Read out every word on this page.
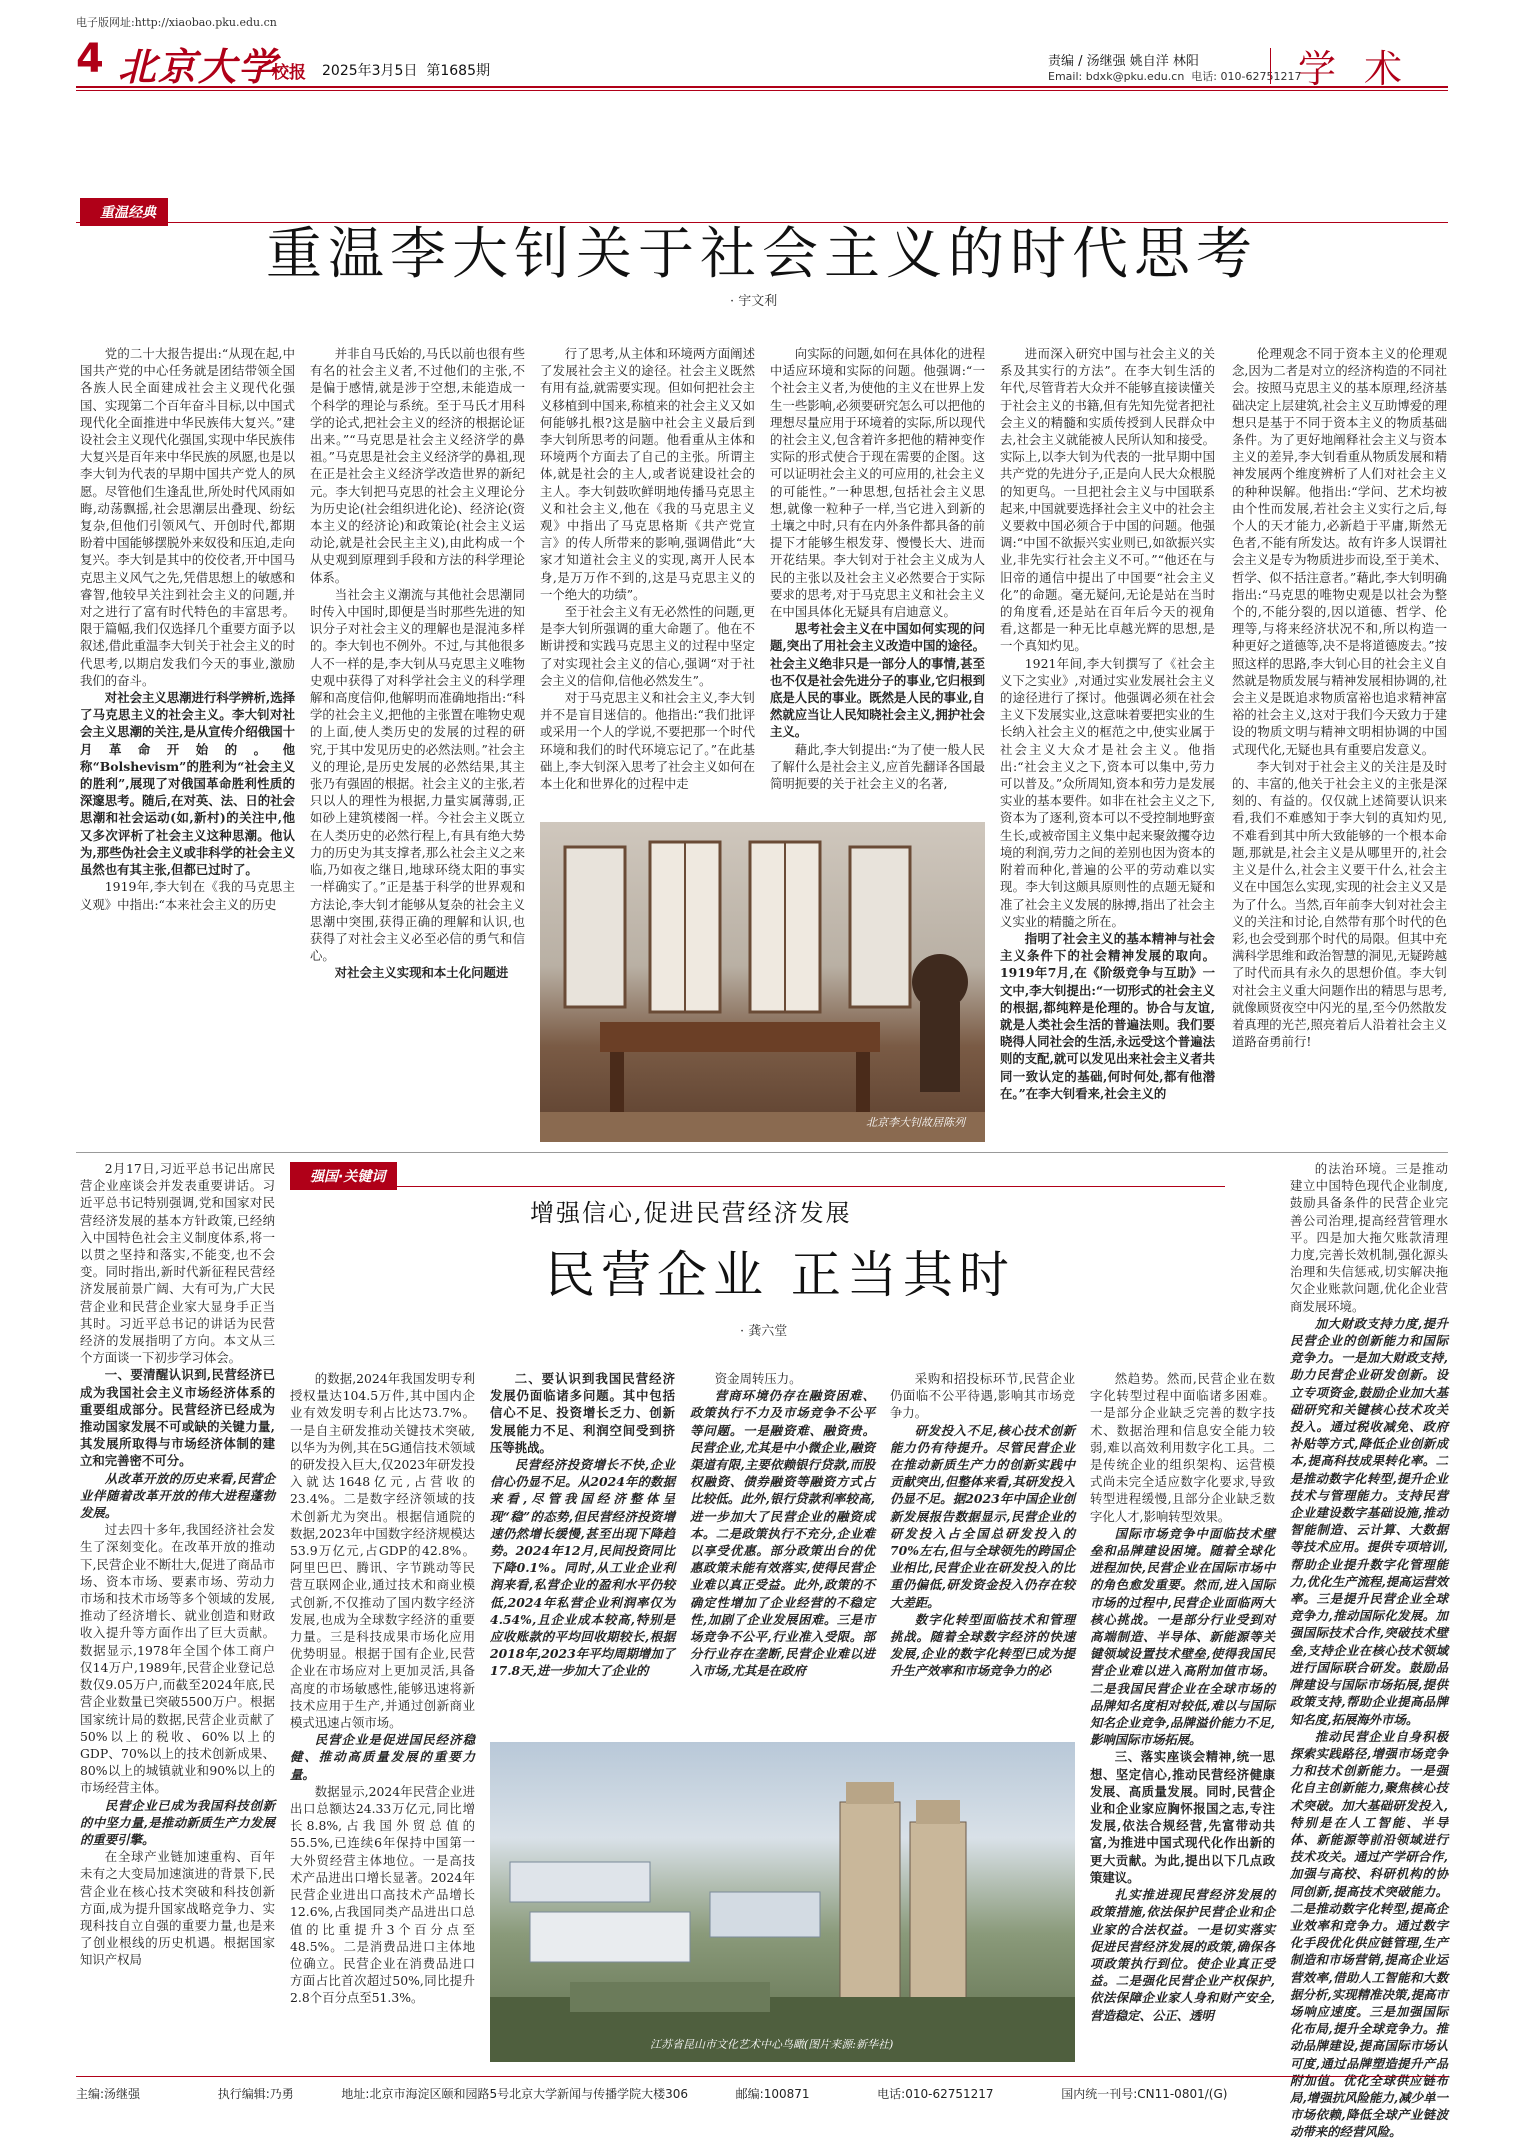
电子版网址:http://xiaobao.pku.edu.cn
4 北京大学
校报 2025年3月5日 第1685期
责编 / 汤继强 姚自洋 林阳
Email: bdxk@pku.edu.cn 电话: 010-62751217
学术
重温经典
重温李大钊关于社会主义的时代思考
· 宇文利

党的二十大报告提出:“从现在起,中国共产党的中心任务就是团结带领全国各族人民全面建成社会主义现代化强国、实现第二个百年奋斗目标,以中国式现代化全面推进中华民族伟大复兴。”建设社会主义现代化强国,实现中华民族伟大复兴是百年来中华民族的夙愿,也是以李大钊为代表的早期中国共产党人的夙愿。尽管他们生逢乱世,所处时代风雨如晦,动荡飘摇,社会思潮层出叠现、纷纭复杂,但他们引领风气、开创时代,都期盼着中国能够摆脱外来奴役和压迫,走向复兴。李大钊是其中的佼佼者,开中国马克思主义风气之先,凭借思想上的敏感和睿智,他较早关注到社会主义的问题,并对之进行了富有时代特色的丰富思考。限于篇幅,我们仅选择几个重要方面予以叙述,借此重温李大钊关于社会主义的时代思考,以期启发我们今天的事业,激励我们的奋斗。

对社会主义思潮进行科学辨析,选择了马克思主义的社会主义。李大钊对社会主义思潮的关注,是从宣传介绍俄国十月革命开始的。他称“Bolshevism”的胜利为“社会主义的胜利”,展现了对俄国革命胜利性质的深邃思考。随后,在对英、法、日的社会思潮和社会运动(如,新村)的关注中,他又多次评析了社会主义这种思潮。他认为,那些伪社会主义或非科学的社会主义虽然也有其主张,但都已过时了。

1919年,李大钊在《我的马克思主义观》中指出:“本来社会主义的历史

并非自马氏始的,马氏以前也很有些有名的社会主义者,不过他们的主张,不是偏于感情,就是涉于空想,未能造成一个科学的理论与系统。至于马氏才用科学的论式,把社会主义的经济的根据论证出来。”“马克思是社会主义经济学的鼻祖。”马克思是社会主义经济学的鼻祖,现在正是社会主义经济学改造世界的新纪元。李大钊把马克思的社会主义理论分为历史论(社会组织进化论)、经济论(资本主义的经济论)和政策论(社会主义运动论,就是社会民主主义),由此构成一个从史观到原理到手段和方法的科学理论体系。

当社会主义潮流与其他社会思潮同时传入中国时,即便是当时那些先进的知识分子对社会主义的理解也是混沌多样的。李大钊也不例外。不过,与其他很多人不一样的是,李大钊从马克思主义唯物史观中获得了对科学社会主义的科学理解和高度信仰,他解明而准确地指出:“科学的社会主义,把他的主张置在唯物史观的上面,使人类历史的发展的过程的研究,于其中发见历史的必然法则。”社会主义的理论,是历史发展的必然结果,其主张乃有强固的根据。社会主义的主张,若只以人的理性为根据,力量实属薄弱,正如砂上建筑楼阁一样。今社会主义既立在人类历史的必然行程上,有具有绝大势力的历史为其支撑者,那么社会主义之来临,乃如夜之继日,地球环绕太阳的事实一样确实了。”正是基于科学的世界观和方法论,李大钊才能够从复杂的社会主义思潮中突围,获得正确的理解和认识,也获得了对社会主义必至必信的勇气和信心。

对社会主义实现和本土化问题进

行了思考,从主体和环境两方面阐述了发展社会主义的途径。社会主义既然有用有益,就需要实现。但如何把社会主义移植到中国来,称植来的社会主义又如何能够扎根?这是脑中社会主义最后到李大钊所思考的问题。他看重从主体和环境两个方面去了自己的主张。所谓主体,就是社会的主人,或者说建设社会的主人。李大钊鼓吹鲜明地传播马克思主义和社会主义,他在《我的马克思主义观》中指出了马克思格斯《共产党宣言》的传人所带来的影响,强调借此“大家才知道社会主义的实现,离开人民本身,是万万作不到的,这是马克思主义的一个绝大的功绩”。

至于社会主义有无必然性的问题,更是李大钊所强调的重大命题了。他在不断讲授和实践马克思主义的过程中坚定了对实现社会主义的信心,强调“对于社会主义的信仰,信他必然发生”。

对于马克思主义和社会主义,李大钊并不是盲目迷信的。他指出:“我们批评或采用一个人的学说,不要把那一个时代环境和我们的时代环境忘记了。”在此基础上,李大钊深入思考了社会主义如何在本土化和世界化的过程中走

向实际的问题,如何在具体化的进程中适应环境和实际的问题。他强调:“一个社会主义者,为使他的主义在世界上发生一些影响,必须要研究怎么可以把他的理想尽量应用于环境着的实际,所以现代的社会主义,包含着许多把他的精神变作实际的形式使合于现在需要的企图。这可以证明社会主义的可应用的,社会主义的可能性。”一种思想,包括社会主义思想,就像一粒种子一样,当它进入到新的土壤之中时,只有在内外条件都具备的前提下才能够生根发芽、慢慢长大、进而开花结果。李大钊对于社会主义成为人民的主张以及社会主义必然要合于实际要求的思考,对于马克思主义和社会主义在中国具体化无疑具有启迪意义。

思考社会主义在中国如何实现的问题,突出了用社会主义改造中国的途径。社会主义绝非只是一部分人的事情,甚至也不仅是社会先进分子的事业,它归根到底是人民的事业。既然是人民的事业,自然就应当让人民知晓社会主义,拥护社会主义。

藉此,李大钊提出:“为了使一般人民了解什么是社会主义,应首先翻译各国最简明扼要的关于社会主义的名著,

北京李大钊故居陈列

进而深入研究中国与社会主义的关系及其实行的方法”。在李大钊生活的年代,尽管背若大众并不能够直接读懂关于社会主义的书籍,但有先知先觉者把社会主义的精髓和实质传授到人民群众中去,社会主义就能被人民所认知和接受。实际上,以李大钊为代表的一批早期中国共产党的先进分子,正是向人民大众根脱的知更鸟。一旦把社会主义与中国联系起来,中国就要选择社会主义中的社会主义要救中国必须合于中国的问题。他强调:“中国不欲振兴实业则已,如欲振兴实业,非先实行社会主义不可。”“他还在与旧帝的通信中提出了中国要“社会主义化”的命题。毫无疑问,无论是站在当时的角度看,还是站在百年后今天的视角看,这都是一种无比卓越光辉的思想,是一个真知灼见。

1921年间,李大钊撰写了《社会主义下之实业》,对通过实业发展社会主义的途径进行了探讨。他强调必须在社会主义下发展实业,这意味着要把实业的生长纳入社会主义的框范之中,使实业属于社会主义大众才是社会主义。他指出:“社会主义之下,资本可以集中,劳力可以普及。”众所周知,资本和劳力是发展实业的基本要件。如非在社会主义之下,资本为了逐利,资本可以不受控制地野蛮生长,或被帝国主义集中起来聚敛攫夺边境的利润,劳力之间的差别也因为资本的附着而种化,普遍的公平的劳动难以实现。李大钊这颇具原则性的点题无疑和准了社会主义发展的脉搏,指出了社会主义实业的精髓之所在。

指明了社会主义的基本精神与社会主义条件下的社会精神发展的取向。1919年7月,在《阶级竞争与互助》一文中,李大钊提出:“一切形式的社会主义的根据,都纯粹是伦理的。协合与友谊,就是人类社会生活的普遍法则。我们要晓得人同社会的生活,永远受这个普遍法则的支配,就可以发见出来社会主义者共同一致认定的基础,何时何处,都有他潜在。”在李大钊看来,社会主义的

伦理观念不同于资本主义的伦理观念,因为二者是对立的经济构造的不同社会。按照马克思主义的基本原理,经济基础决定上层建筑,社会主义互助博爱的理想只是基于不同于资本主义的物质基础条件。为了更好地阐释社会主义与资本主义的差异,李大钊看重从物质发展和精神发展两个维度辨析了人们对社会主义的种种误解。他指出:“学问、艺术均被由个性而发展,若社会主义实行之后,每个人的天才能力,必新趋于平庸,斯然无色者,不能有所发达。故有许多人误谓社会主义是专为物质进步而设,至于美术、哲学、似不括注意者。”藉此,李大钊明确指出:“马克思的唯物史观是以社会为整个的,不能分裂的,因以道德、哲学、伦理等,与将来经济状况不和,所以构造一种更好之道德等,决不是将道德废去。”按照这样的思路,李大钊心目的社会主义自然就是物质发展与精神发展相协调的,社会主义是既追求物质富裕也追求精神富裕的社会主义,这对于我们今天致力于建设的物质文明与精神文明相协调的中国式现代化,无疑也具有重要启发意义。

李大钊对于社会主义的关注是及时的、丰富的,他关于社会主义的主张是深刻的、有益的。仅仅就上述简要认识来看,我们不难感知于李大钊的真知灼见,不难看到其中所大致能够的一个根本命题,那就是,社会主义是从哪里开的,社会主义是什么,社会主义要干什么,社会主义在中国怎么实现,实现的社会主义又是为了什么。当然,百年前李大钊对社会主义的关注和讨论,自然带有那个时代的色彩,也会受到那个时代的局限。但其中充满科学思维和政治智慧的洞见,无疑跨越了时代而具有永久的思想价值。李大钊对社会主义重大问题作出的精思与思考,就像顾贤夜空中闪光的星,至今仍然散发着真理的光芒,照亮着后人沿着社会主义道路奋勇前行!

强国·关键词
增强信心,促进民营经济发展
民营企业 正当其时
· 龚六堂

2月17日,习近平总书记出席民营企业座谈会并发表重要讲话。习近平总书记特别强调,党和国家对民营经济发展的基本方针政策,已经纳入中国特色社会主义制度体系,将一以贯之坚持和落实,不能变,也不会变。同时指出,新时代新征程民营经济发展前景广阔、大有可为,广大民营企业和民营企业家大显身手正当其时。习近平总书记的讲话为民营经济的发展指明了方向。本文从三个方面谈一下初步学习体会。

一、要清醒认识到,民营经济已成为我国社会主义市场经济体系的重要组成部分。民营经济已经成为推动国家发展不可或缺的关键力量,其发展所取得与市场经济体制的建立和完善密不可分。

从改革开放的历史来看,民营企业伴随着改革开放的伟大进程蓬勃发展。

过去四十多年,我国经济社会发生了深刻变化。在改革开放的推动下,民营企业不断壮大,促进了商品市场、资本市场、要素市场、劳动力市场和技术市场等多个领域的发展,推动了经济增长、就业创造和财政收入提升等方面作出了巨大贡献。数据显示,1978年全国个体工商户仅14万户,1989年,民营企业登记总数仅9.05万户,而截至2024年底,民营企业数量已突破5500万户。根据国家统计局的数据,民营企业贡献了50%以上的税收、60%以上的GDP、70%以上的技术创新成果、80%以上的城镇就业和90%以上的市场经营主体。

民营企业已成为我国科技创新的中坚力量,是推动新质生产力发展的重要引擎。

在全球产业链加速重构、百年未有之大变局加速演进的背景下,民营企业在核心技术突破和科技创新方面,成为提升国家战略竞争力、实现科技自立自强的重要力量,也是来了创业根线的历史机遇。根据国家知识产权局

的数据,2024年我国发明专利授权量达104.5万件,其中国内企业有效发明专利占比达73.7%。一是自主研发推动关键技术突破,以华为为例,其在5G通信技术领域的研发投入巨大,仅2023年研发投入就达1648亿元,占营收的23.4%。二是数字经济领域的技术创新尤为突出。根据信通院的数据,2023年中国数字经济规模达53.9万亿元,占GDP的42.8%。阿里巴巴、腾讯、字节跳动等民营互联网企业,通过技术和商业模式创新,不仅推动了国内数字经济发展,也成为全球数字经济的重要力量。三是科技成果市场化应用优势明显。根据于国有企业,民营企业在市场应对上更加灵活,具备高度的市场敏感性,能够迅速将新技术应用于生产,并通过创新商业模式迅速占领市场。

民营企业是促进国民经济稳健、推动高质量发展的重要力量。

数据显示,2024年民营企业进出口总额达24.33万亿元,同比增长8.8%,占我国外贸总值的55.5%,已连续6年保持中国第一大外贸经营主体地位。一是高技术产品进出口增长显著。2024年民营企业进出口高技术产品增长12.6%,占我国同类产品进出口总值的比重提升3个百分点至48.5%。二是消费品进口主体地位确立。民营企业在消费品进口方面占比首次超过50%,同比提升2.8个百分点至51.3%。

二、要认识到我国民营经济发展仍面临诸多问题。其中包括信心不足、投资增长乏力、创新发展能力不足、利润空间受到挤压等挑战。

民营经济投资增长不快,企业信心仍显不足。从2024年的数据来看,尽管我国经济整体呈现“稳”的态势,但民营经济投资增速仍然增长缓慢,甚至出现下降趋势。2024年12月,民间投资同比下降0.1%。同时,从工业企业利润来看,私营企业的盈利水平仍较低,2024年私营企业利润率仅为4.54%,且企业成本较高,特别是应收账款的平均回收期较长,根据2018年,2023年平均周期增加了17.8天,进一步加大了企业的

资金周转压力。

营商环境仍存在融资困难、政策执行不力及市场竞争不公平等问题。一是融资难、融资贵。民营企业,尤其是中小微企业,融资渠道有限,主要依赖银行贷款,而股权融资、债券融资等融资方式占比较低。此外,银行贷款利率较高,进一步加大了民营企业的融资成本。二是政策执行不充分,企业难以享受优惠。部分政策出台的优惠政策未能有效落实,使得民营企业难以真正受益。此外,政策的不确定性增加了企业经营的不稳定性,加剧了企业发展困难。三是市场竞争不公平,行业准入受限。部分行业存在垄断,民营企业难以进入市场,尤其是在政府

采购和招投标环节,民营企业仍面临不公平待遇,影响其市场竞争力。

研发投入不足,核心技术创新能力仍有待提升。尽管民营企业在推动新质生产力的创新实践中贡献突出,但整体来看,其研发投入仍显不足。据2023年中国企业创新发展报告数据显示,民营企业的研发投入占全国总研发投入的70%左右,但与全球领先的跨国企业相比,民营企业在研发投入的比重仍偏低,研发资金投入仍存在较大差距。

数字化转型面临技术和管理挑战。随着全球数字经济的快速发展,企业的数字化转型已成为提升生产效率和市场竞争力的必

然趋势。然而,民营企业在数字化转型过程中面临诸多困难。一是部分企业缺乏完善的数字技术、数据治理和信息安全能力较弱,难以高效利用数字化工具。二是传统企业的组织架构、运营模式尚未完全适应数字化要求,导致转型进程缓慢,且部分企业缺乏数字化人才,影响转型效果。

国际市场竞争中面临技术壁垒和品牌建设困境。随着全球化进程加快,民营企业在国际市场中的角色愈发重要。然而,进入国际市场的过程中,民营企业面临两大核心挑战。一是部分行业受到对高端制造、半导体、新能源等关键领域设置技术壁垒,使得我国民营企业难以进入高附加值市场。二是我国民营企业在全球市场的品牌知名度相对较低,难以与国际知名企业竞争,品牌溢价能力不足,影响国际市场拓展。

三、落实座谈会精神,统一思想、坚定信心,推动民营经济健康发展、高质量发展。同时,民营企业和企业家应胸怀报国之志,专注发展,依法合规经营,先富带动共富,为推进中国式现代化作出新的更大贡献。为此,提出以下几点政策建议。

扎实推进现民营经济发展的政策措施,依法保护民营企业和企业家的合法权益。一是切实落实促进民营经济发展的政策,确保各项政策执行到位。使企业真正受益。二是强化民营企业产权保护,依法保障企业家人身和财产安全,营造稳定、公正、透明

的法治环境。三是推动建立中国特色现代企业制度,鼓励具备条件的民营企业完善公司治理,提高经营管理水平。四是加大拖欠账款清理力度,完善长效机制,强化源头治理和失信惩戒,切实解决拖欠企业账款问题,优化企业营商发展环境。

加大财政支持力度,提升民营企业的创新能力和国际竞争力。一是加大财政支持,助力民营企业研发创新。设立专项资金,鼓励企业加大基础研究和关键核心技术攻关投入。通过税收减免、政府补贴等方式,降低企业创新成本,提高科技成果转化率。二是推动数字化转型,提升企业技术与管理能力。支持民营企业建设数字基础设施,推动智能制造、云计算、大数据等技术应用。提供专项培训,帮助企业提升数字化管理能力,优化生产流程,提高运营效率。三是提升民营企业全球竞争力,推动国际化发展。加强国际技术合作,突破技术壁垒,支持企业在核心技术领域进行国际联合研发。鼓励品牌建设与国际市场拓展,提供政策支持,帮助企业提高品牌知名度,拓展海外市场。

推动民营企业自身积极探索实践路径,增强市场竞争力和技术创新能力。一是强化自主创新能力,聚焦核心技术突破。加大基础研发投入,特别是在人工智能、半导体、新能源等前沿领域进行技术攻关。通过产学研合作,加强与高校、科研机构的协同创新,提高技术突破能力。二是推动数字化转型,提高企业效率和竞争力。通过数字化手段优化供应链管理,生产制造和市场营销,提高企业运营效率,借助人工智能和大数据分析,实现精准决策,提高市场响应速度。三是加强国际化布局,提升全球竞争力。推动品牌建设,提高国际市场认可度,通过品牌塑造提升产品附加值。优化全球供应链布局,增强抗风险能力,减少单一市场依赖,降低全球产业链波动带来的经营风险。

江苏省昆山市文化艺术中心鸟瞰(图片来源:新华社)
主编:汤继强	执行编辑:乃勇	地址:北京市海淀区颐和园路5号北京大学新闻与传播学院大楼306	邮编:100871	电话:010-62751217	国内统一刊号:CN11-0801/(G)
